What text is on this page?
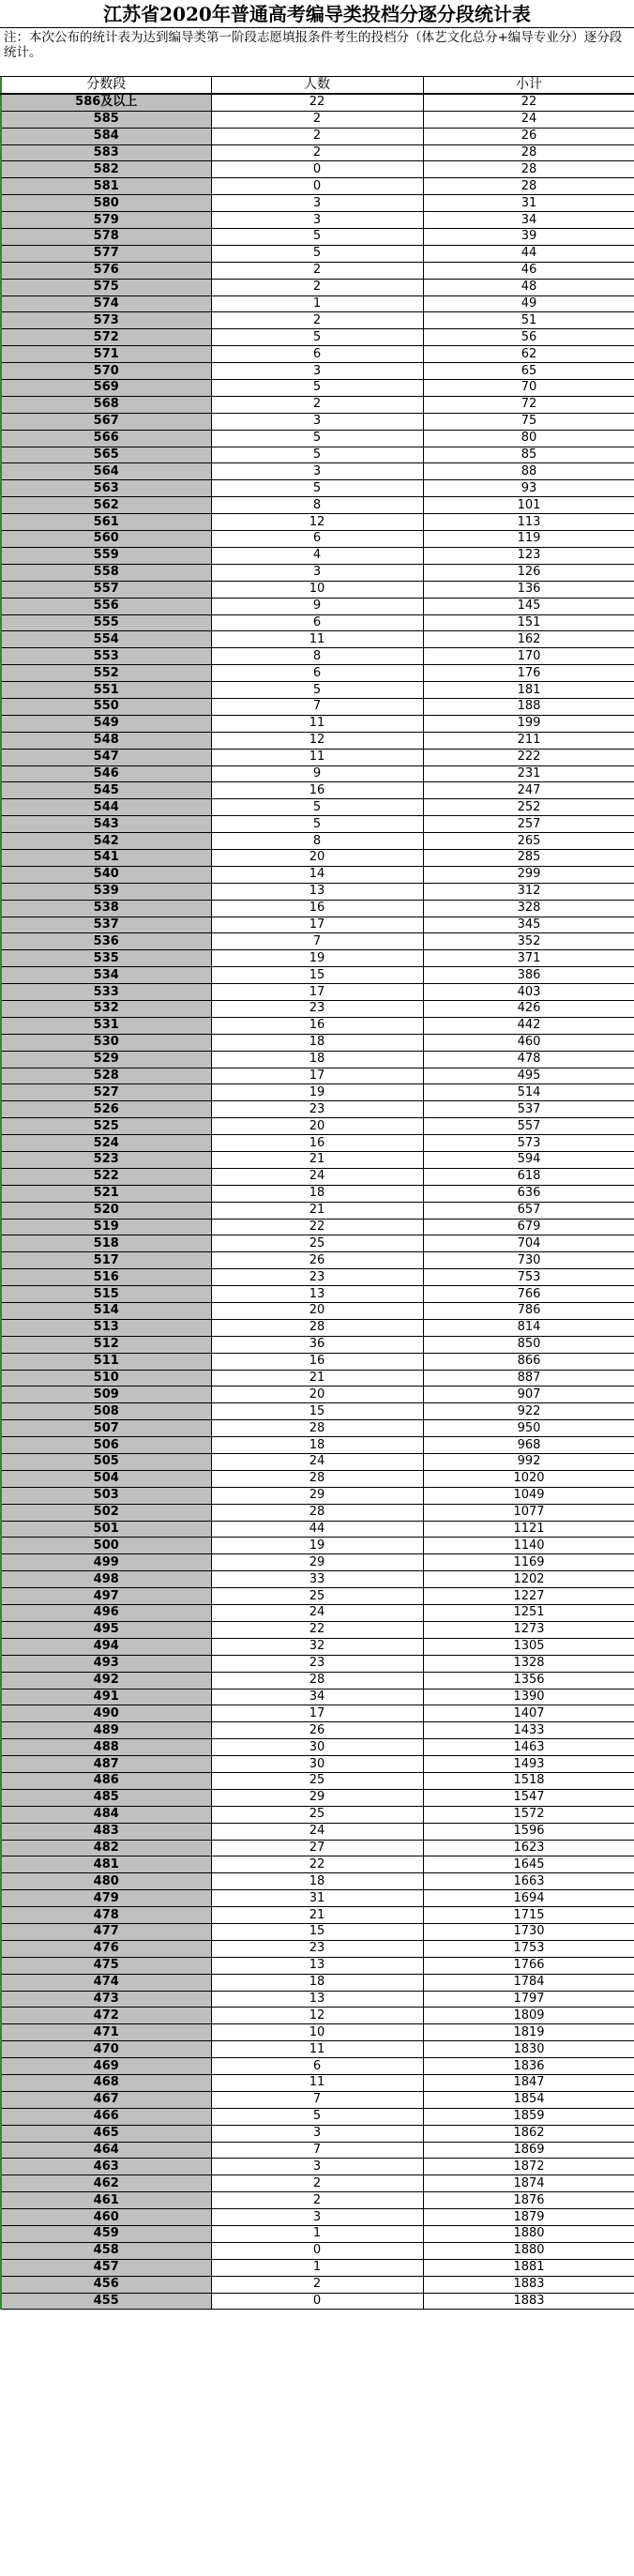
江苏省2020年普通高考编导类投档分逐分段统计表
注：本次公布的统计表为达到编导类第一阶段志愿填报条件考生的投档分（体艺文化总分+编导专业分）逐分段统计。
分数段	人数	小计
586及以上	22	22
585	2	24
584	2	26
583	2	28
582	0	28
581	0	28
580	3	31
579	3	34
578	5	39
577	5	44
576	2	46
575	2	48
574	1	49
573	2	51
572	5	56
571	6	62
570	3	65
569	5	70
568	2	72
567	3	75
566	5	80
565	5	85
564	3	88
563	5	93
562	8	101
561	12	113
560	6	119
559	4	123
558	3	126
557	10	136
556	9	145
555	6	151
554	11	162
553	8	170
552	6	176
551	5	181
550	7	188
549	11	199
548	12	211
547	11	222
546	9	231
545	16	247
544	5	252
543	5	257
542	8	265
541	20	285
540	14	299
539	13	312
538	16	328
537	17	345
536	7	352
535	19	371
534	15	386
533	17	403
532	23	426
531	16	442
530	18	460
529	18	478
528	17	495
527	19	514
526	23	537
525	20	557
524	16	573
523	21	594
522	24	618
521	18	636
520	21	657
519	22	679
518	25	704
517	26	730
516	23	753
515	13	766
514	20	786
513	28	814
512	36	850
511	16	866
510	21	887
509	20	907
508	15	922
507	28	950
506	18	968
505	24	992
504	28	1020
503	29	1049
502	28	1077
501	44	1121
500	19	1140
499	29	1169
498	33	1202
497	25	1227
496	24	1251
495	22	1273
494	32	1305
493	23	1328
492	28	1356
491	34	1390
490	17	1407
489	26	1433
488	30	1463
487	30	1493
486	25	1518
485	29	1547
484	25	1572
483	24	1596
482	27	1623
481	22	1645
480	18	1663
479	31	1694
478	21	1715
477	15	1730
476	23	1753
475	13	1766
474	18	1784
473	13	1797
472	12	1809
471	10	1819
470	11	1830
469	6	1836
468	11	1847
467	7	1854
466	5	1859
465	3	1862
464	7	1869
463	3	1872
462	2	1874
461	2	1876
460	3	1879
459	1	1880
458	0	1880
457	1	1881
456	2	1883
455	0	1883
